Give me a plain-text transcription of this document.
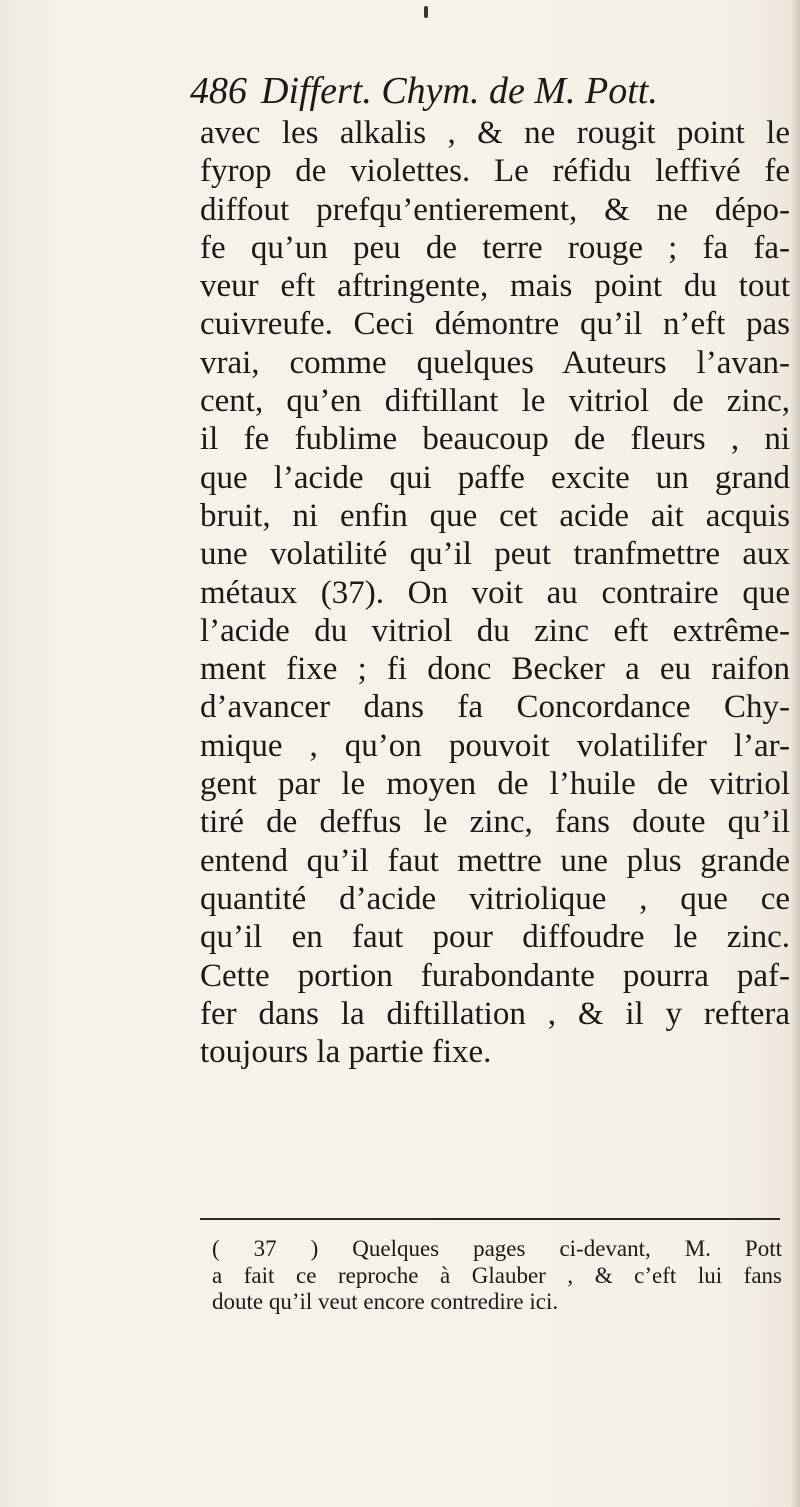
486 Differt. Chym. de M. Pott.
avec les alkalis , & ne rougit point le
fyrop de violettes. Le réfidu leffivé fe
diffout prefqu’entierement, & ne dépo-
fe qu’un peu de terre rouge ; fa fa-
veur eft aftringente, mais point du tout
cuivreufe. Ceci démontre qu’il n’eft pas
vrai, comme quelques Auteurs l’avan-
cent, qu’en diftillant le vitriol de zinc,
il fe fublime beaucoup de fleurs , ni
que l’acide qui paffe excite un grand
bruit, ni enfin que cet acide ait acquis
une volatilité qu’il peut tranfmettre aux
métaux (37). On voit au contraire que
l’acide du vitriol du zinc eft extrême-
ment fixe ; fi donc Becker a eu raifon
d’avancer dans fa Concordance Chy-
mique , qu’on pouvoit volatilifer l’ar-
gent par le moyen de l’huile de vitriol
tiré de deffus le zinc, fans doute qu’il
entend qu’il faut mettre une plus grande
quantité d’acide vitriolique , que ce
qu’il en faut pour diffoudre le zinc.
Cette portion furabondante pourra paf-
fer dans la diftillation , & il y reftera
toujours la partie fixe.
( 37 ) Quelques pages ci-devant, M. Pott
a fait ce reproche à Glauber , & c’eft lui fans
doute qu’il veut encore contredire ici.
